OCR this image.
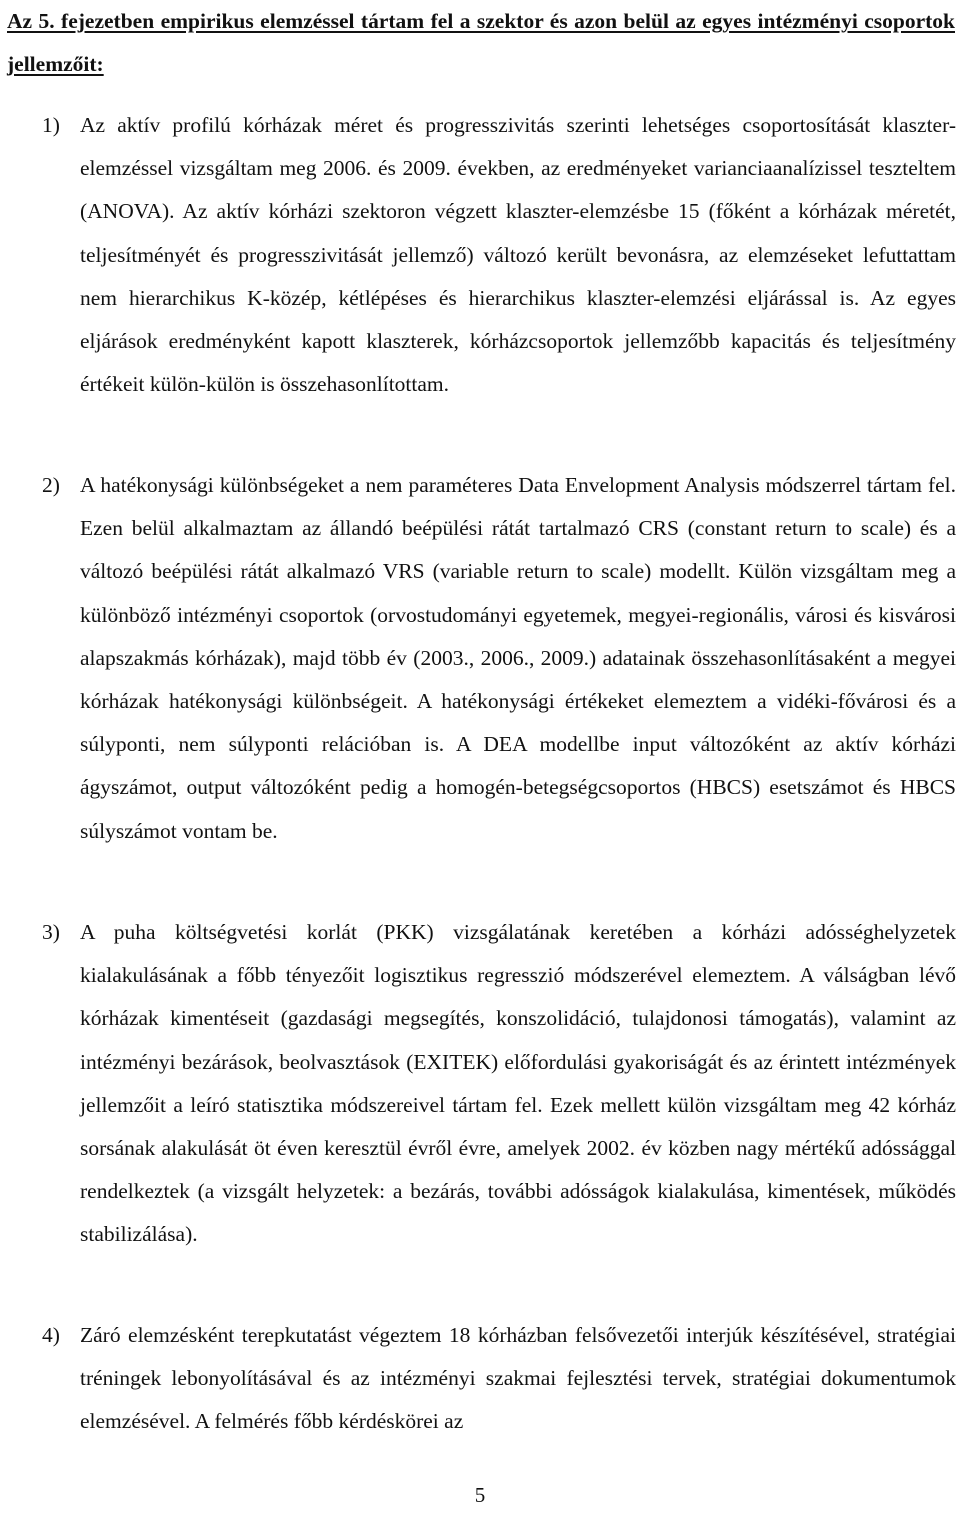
Az 5. fejezetben empirikus elemzéssel tártam fel a szektor és azon belül az egyes intézményi csoportok jellemzőit:

1) Az aktív profilú kórházak méret és progresszivitás szerinti lehetséges csoportosítását klaszter-elemzéssel vizsgáltam meg 2006. és 2009. években, az eredményeket varianciaanalízissel teszteltem (ANOVA). Az aktív kórházi szektoron végzett klaszter-elemzésbe 15 (főként a kórházak méretét, teljesítményét és progresszivitását jellemző) változó került bevonásra, az elemzéseket lefuttattam nem hierarchikus K-közép, kétlépéses és hierarchikus klaszter-elemzési eljárással is. Az egyes eljárások eredményként kapott klaszterek, kórházcsoportok jellemzőbb kapacitás és teljesítmény értékeit külön-külön is összehasonlítottam.
2) A hatékonysági különbségeket a nem paraméteres Data Envelopment Analysis módszerrel tártam fel. Ezen belül alkalmaztam az állandó beépülési rátát tartalmazó CRS (constant return to scale) és a változó beépülési rátát alkalmazó VRS (variable return to scale) modellt. Külön vizsgáltam meg a különböző intézményi csoportok (orvostudományi egyetemek, megyei-regionális, városi és kisvárosi alapszakmás kórházak), majd több év (2003., 2006., 2009.) adatainak összehasonlításaként a megyei kórházak hatékonysági különbségeit. A hatékonysági értékeket elemeztem a vidéki-fővárosi és a súlyponti, nem súlyponti relációban is. A DEA modellbe input változóként az aktív kórházi ágyszámot, output változóként pedig a homogén-betegségcsoportos (HBCS) esetszámot és HBCS súlyszámot vontam be.
3) A puha költségvetési korlát (PKK) vizsgálatának keretében a kórházi adósséghelyzetek kialakulásának a főbb tényezőit logisztikus regresszió módszerével elemeztem. A válságban lévő kórházak kimentéseit (gazdasági megsegítés, konszolidáció, tulajdonosi támogatás), valamint az intézményi bezárások, beolvasztások (EXITEK) előfordulási gyakoriságát és az érintett intézmények jellemzőit a leíró statisztika módszereivel tártam fel. Ezek mellett külön vizsgáltam meg 42 kórház sorsának alakulását öt éven keresztül évről évre, amelyek 2002. év közben nagy mértékű adóssággal rendelkeztek (a vizsgált helyzetek: a bezárás, további adósságok kialakulása, kimentések, működés stabilizálása).
4) Záró elemzésként terepkutatást végeztem 18 kórházban felsővezetői interjúk készítésével, stratégiai tréningek lebonyolításával és az intézményi szakmai fejlesztési tervek, stratégiai dokumentumok elemzésével. A felmérés főbb kérdéskörei az
5
